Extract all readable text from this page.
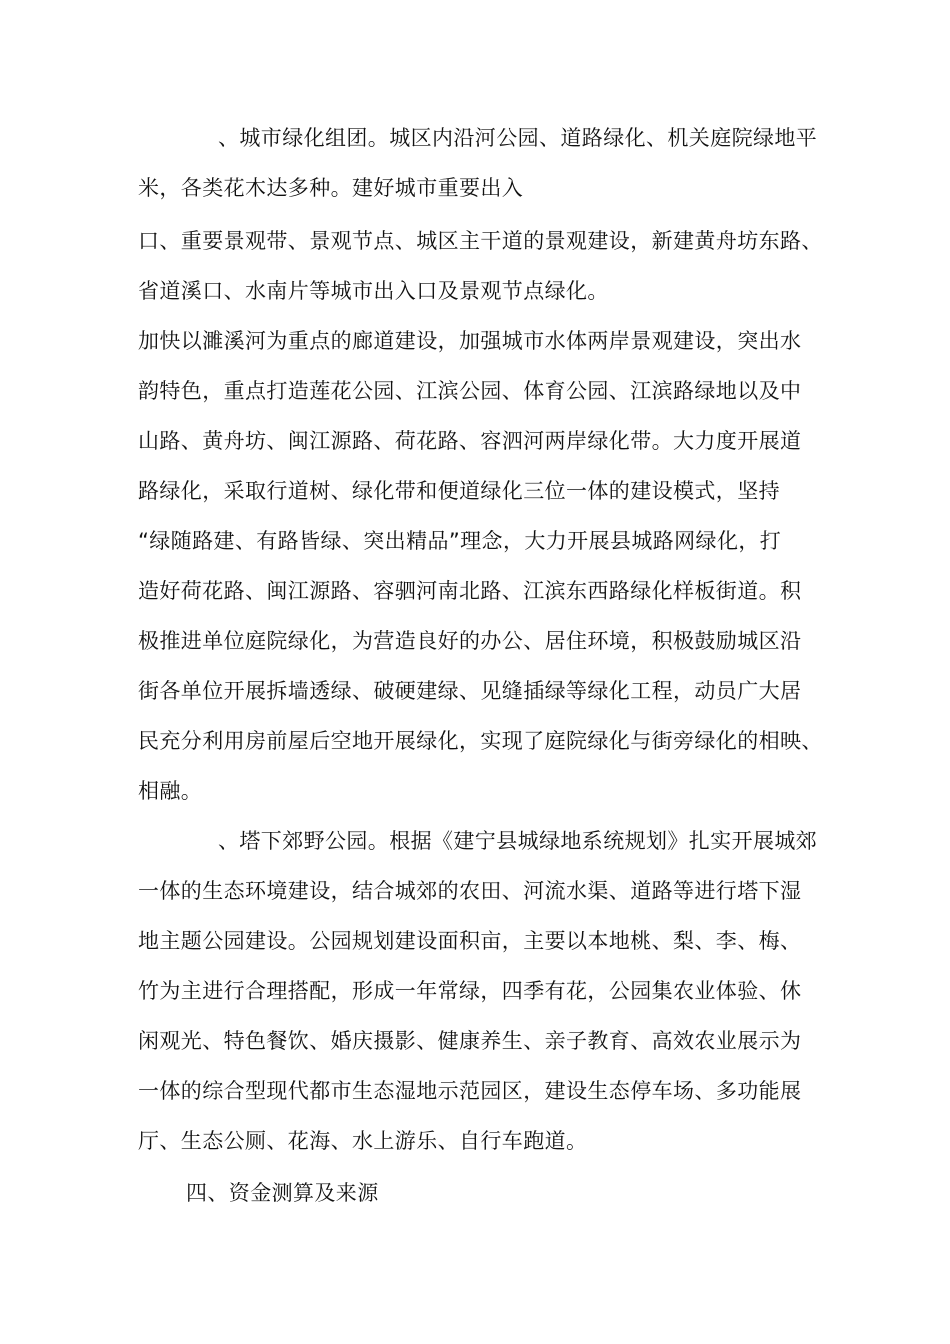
、城市绿化组团。城区内沿河公园、道路绿化、机关庭院绿地平
米，各类花木达多种。建好城市重要出入
口、重要景观带、景观节点、城区主干道的景观建设，新建黄舟坊东路、
省道溪口、水南片等城市出入口及景观节点绿化。
加快以濉溪河为重点的廊道建设，加强城市水体两岸景观建设，突出水
韵特色，重点打造莲花公园、江滨公园、体育公园、江滨路绿地以及中
山路、黄舟坊、闽江源路、荷花路、容泗河两岸绿化带。大力度开展道
路绿化，采取行道树、绿化带和便道绿化三位一体的建设模式，坚持
“绿随路建、有路皆绿、突出精品”理念，大力开展县城路网绿化，打
造好荷花路、闽江源路、容驷河南北路、江滨东西路绿化样板街道。积
极推进单位庭院绿化，为营造良好的办公、居住环境，积极鼓励城区沿
街各单位开展拆墙透绿、破硬建绿、见缝插绿等绿化工程，动员广大居
民充分利用房前屋后空地开展绿化，实现了庭院绿化与街旁绿化的相映、
相融。
、塔下郊野公园。根据《建宁县城绿地系统规划》扎实开展城郊
一体的生态环境建设，结合城郊的农田、河流水渠、道路等进行塔下湿
地主题公园建设。公园规划建设面积亩，主要以本地桃、梨、李、梅、
竹为主进行合理搭配，形成一年常绿，四季有花，公园集农业体验、休
闲观光、特色餐饮、婚庆摄影、健康养生、亲子教育、高效农业展示为
一体的综合型现代都市生态湿地示范园区，建设生态停车场、多功能展
厅、生态公厕、花海、水上游乐、自行车跑道。
四、资金测算及来源
